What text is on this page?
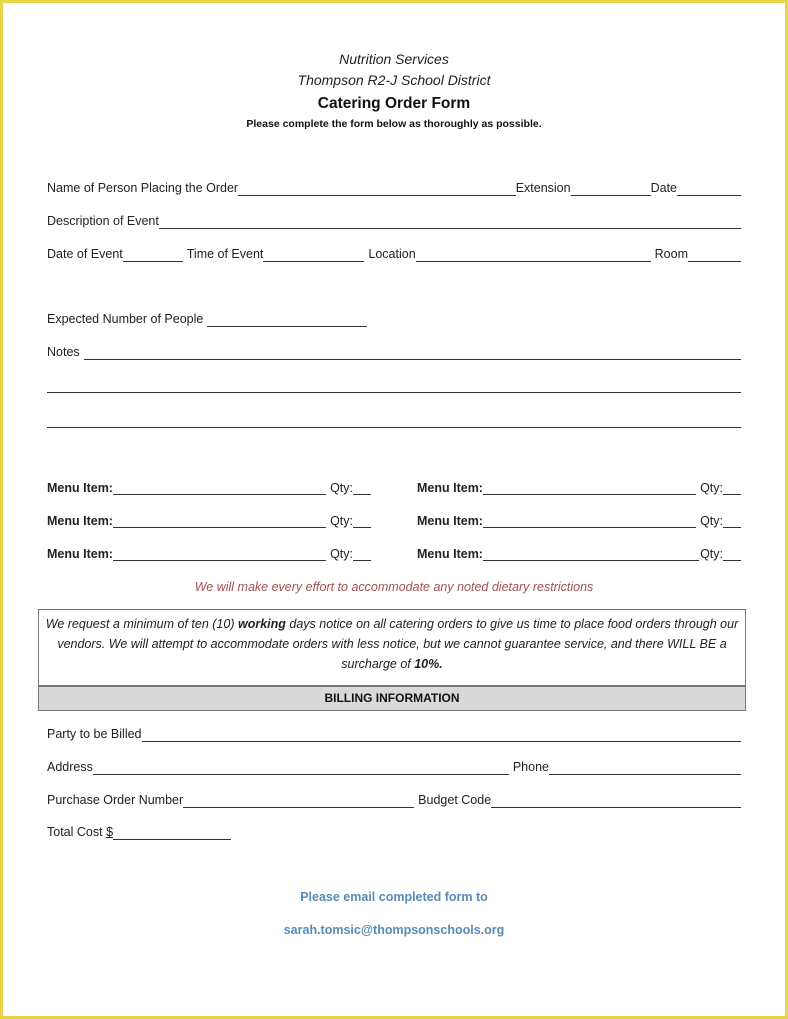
Nutrition Services
Thompson R2-J School District
Catering Order Form
Please complete the form below as thoroughly as possible.
Name of Person Placing the Order	Extension	Date
Description of Event
Date of Event	Time of Event	Location	Room
Expected Number of People
Notes
Menu Item:	Qty:
Menu Item:	Qty:
Menu Item:	Qty:
Menu Item:	Qty:
Menu Item:	Qty:
Menu Item:	Qty:
We will make every effort to accommodate any noted dietary restrictions
We request a minimum of ten (10) working days notice on all catering orders to give us time to place food orders through our vendors. We will attempt to accommodate orders with less notice, but we cannot guarantee service, and there WILL BE a surcharge of 10%.
BILLING INFORMATION
Party to be Billed
Address	Phone
Purchase Order Number	Budget Code
Total Cost $
Please email completed form to
sarah.tomsic@thompsonschools.org
